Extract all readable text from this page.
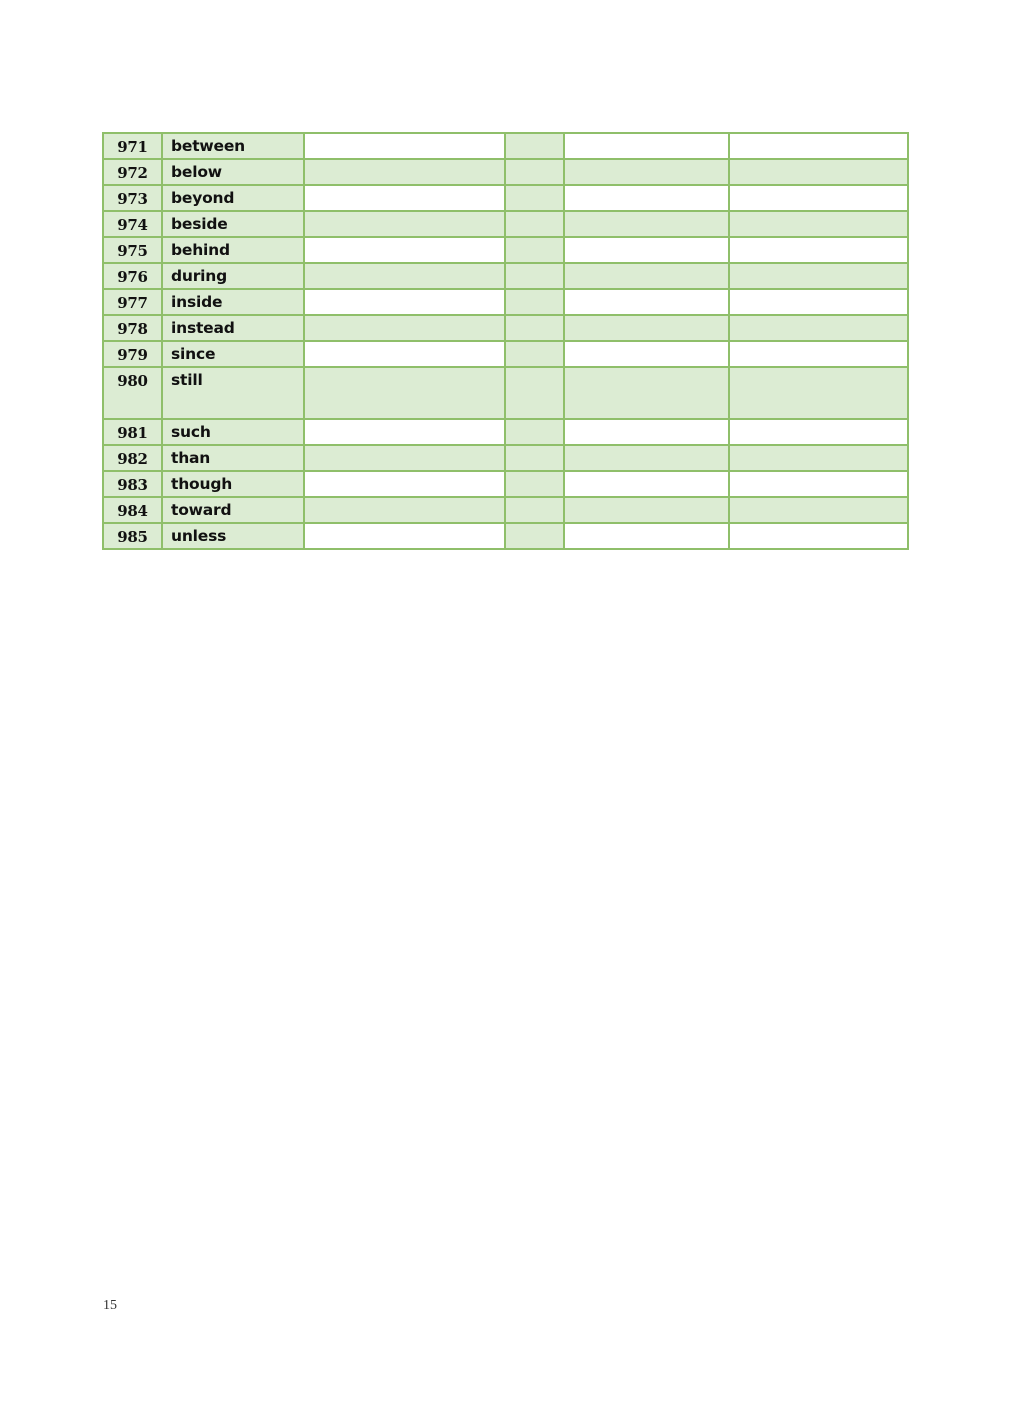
971	between				

972	below				

973	beyond				

974	beside				

975	behind				

976	during				

977	inside				

978	instead				

979	since				

980	still				

981	such				

982	than				

983	though				

984	toward				

985	unless				

15
